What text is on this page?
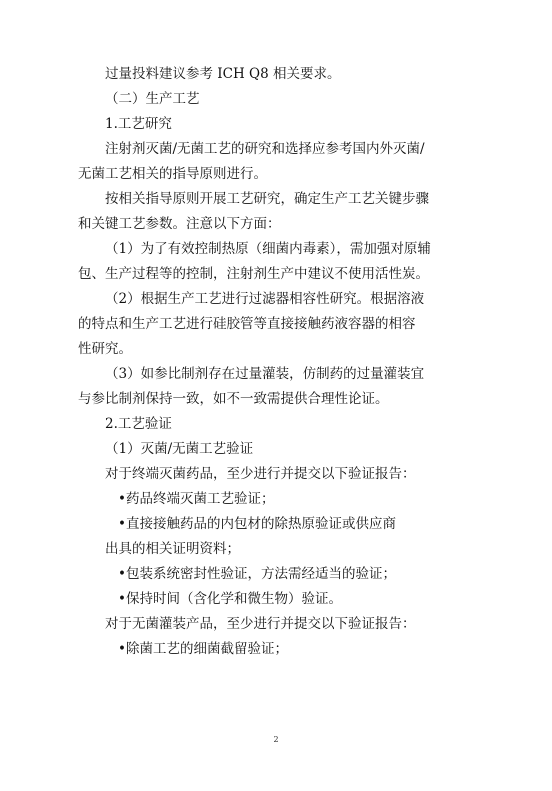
过量投料建议参考 ICH Q8 相关要求。
（二）生产工艺
1.工艺研究
注射剂灭菌/无菌工艺的研究和选择应参考国内外灭菌/
无菌工艺相关的指导原则进行。
按相关指导原则开展工艺研究，确定生产工艺关键步骤
和关键工艺参数。注意以下方面：
（1）为了有效控制热原（细菌内毒素），需加强对原辅
包、生产过程等的控制，注射剂生产中建议不使用活性炭。
（2）根据生产工艺进行过滤器相容性研究。根据溶液
的特点和生产工艺进行硅胶管等直接接触药液容器的相容
性研究。
（3）如参比制剂存在过量灌装，仿制药的过量灌装宜
与参比制剂保持一致，如不一致需提供合理性论证。
2.工艺验证
（1）灭菌/无菌工艺验证
对于终端灭菌药品，至少进行并提交以下验证报告：
•药品终端灭菌工艺验证；
•直接接触药品的内包材的除热原验证或供应商
出具的相关证明资料；
•包装系统密封性验证，方法需经适当的验证；
•保持时间（含化学和微生物）验证。
对于无菌灌装产品，至少进行并提交以下验证报告：
•除菌工艺的细菌截留验证；
2
